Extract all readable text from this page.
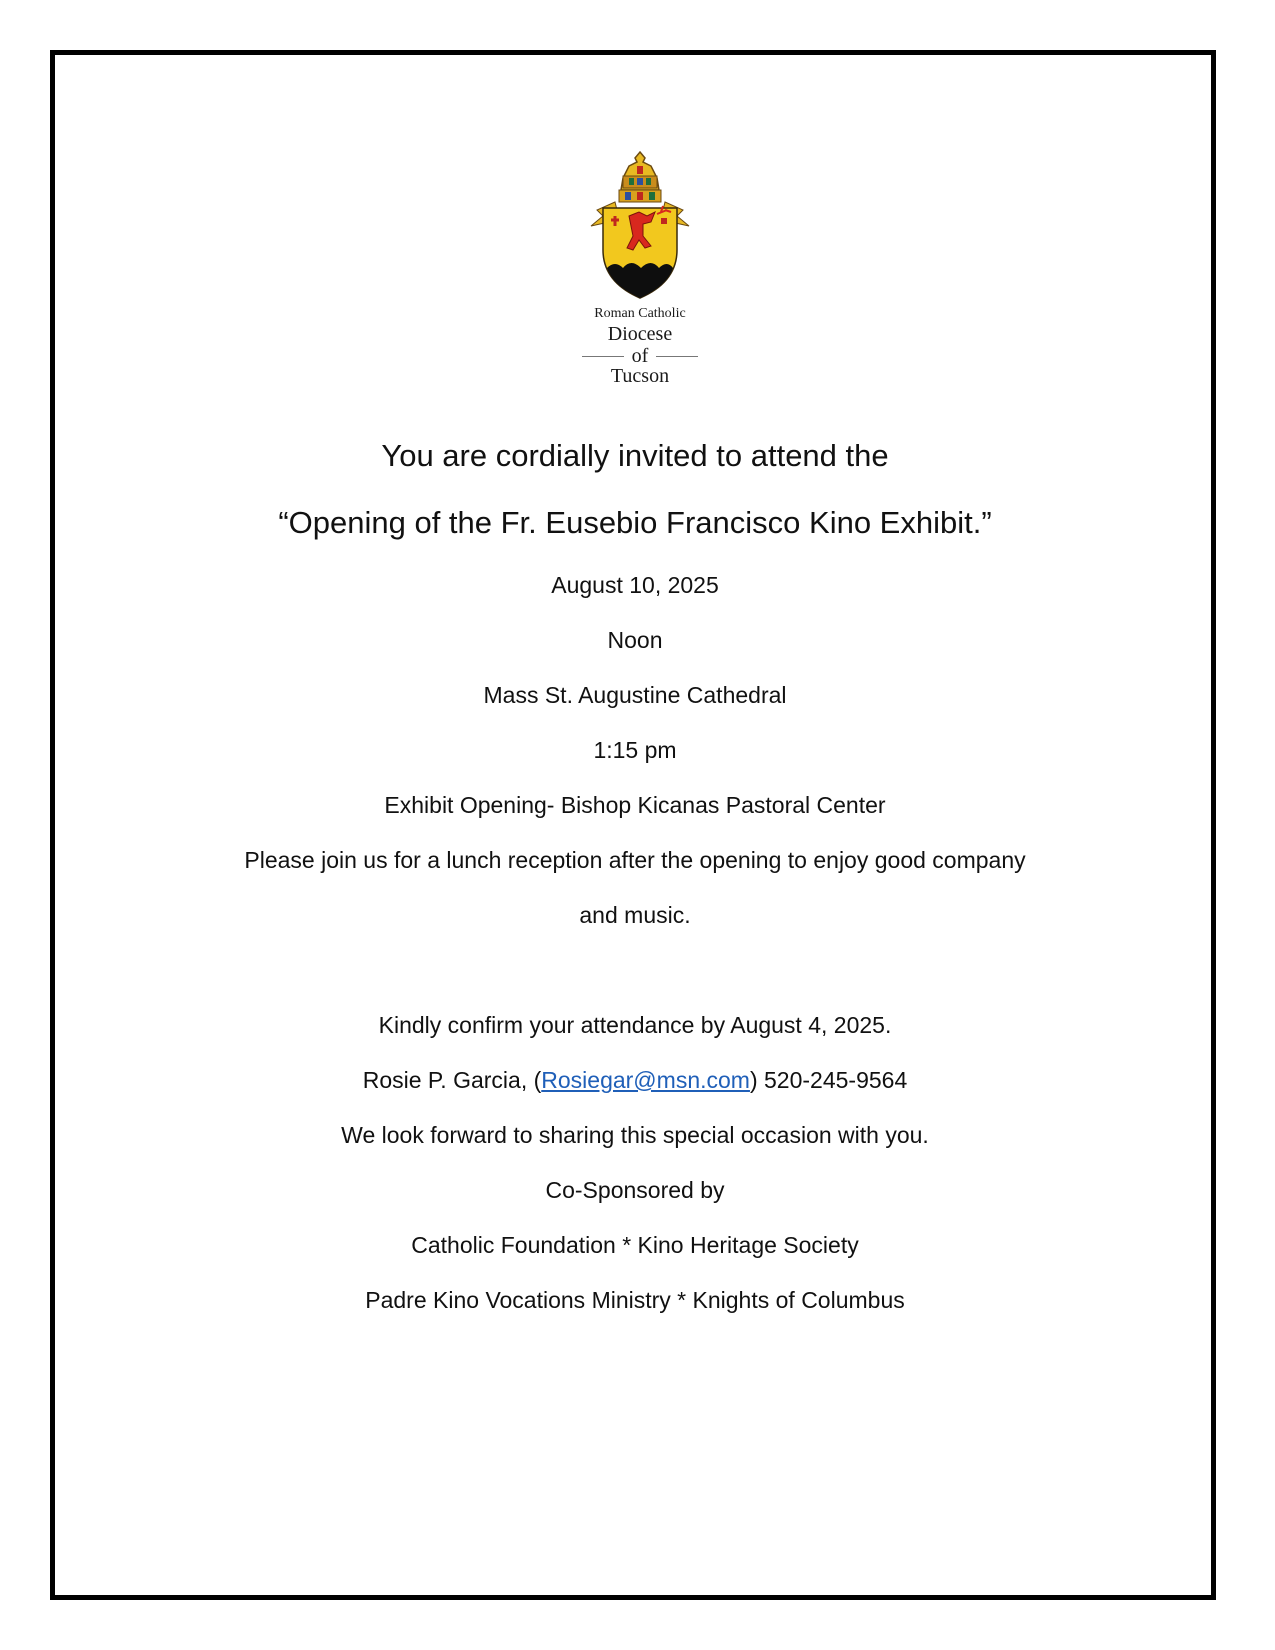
Roman Catholic
Diocese
of
Tucson
You are cordially invited to attend the
“Opening of the Fr. Eusebio Francisco Kino Exhibit.”
August 10, 2025
Noon
Mass St. Augustine Cathedral
1:15 pm
Exhibit Opening- Bishop Kicanas Pastoral Center
Please join us for a lunch reception after the opening to enjoy good company
and music.
Kindly confirm your attendance by August 4, 2025.
Rosie P. Garcia, (Rosiegar@msn.com) 520-245-9564
We look forward to sharing this special occasion with you.
Co-Sponsored by
Catholic Foundation * Kino Heritage Society
Padre Kino Vocations Ministry * Knights of Columbus
